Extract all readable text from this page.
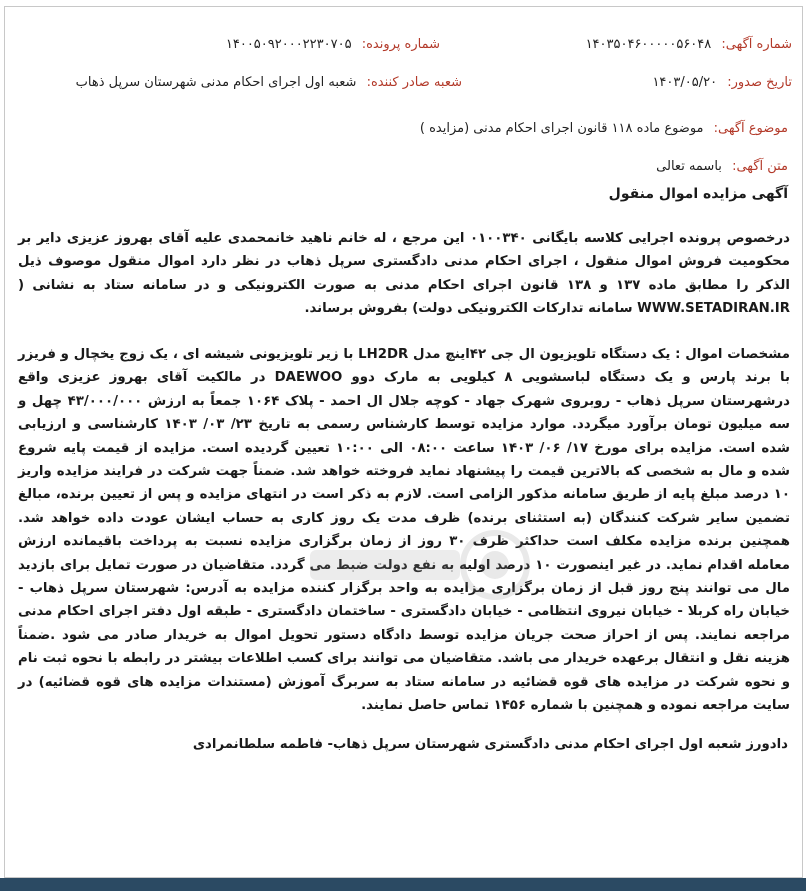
شماره آگهی: ۱۴۰۳۵۰۴۶۰۰۰۰۰۵۶۰۴۸
شماره پرونده: ۱۴۰۰۵۰۹۲۰۰۰۲۲۳۰۷۰۵
تاریخ صدور: ۱۴۰۳/۰۵/۲۰
شعبه صادر کننده: شعبه اول اجرای احکام مدنی شهرستان سرپل ذهاب
موضوع آگهی: موضوع ماده ۱۱۸ قانون اجرای احکام مدنی (مزایده )
متن آگهی: باسمه تعالی
آگهی مزایده اموال منقول
درخصوص پرونده اجرایی کلاسه بایگانی ۰۱۰۰۳۴۰ این مرجع ، له خانم ناهید خانمحمدی علیه آقای بهروز عزیزی دایر بر محکومیت فروش اموال منقول ، اجرای احکام مدنی دادگستری سرپل ذهاب در نظر دارد اموال منقول موصوف ذیل الذکر را مطابق ماده ۱۳۷ و ۱۳۸ قانون اجرای احکام مدنی به صورت الکترونیکی و در سامانه ستاد به نشانی ( WWW.SETADIRAN.IR سامانه تدارکات الکترونیکی دولت) بفروش برساند.
مشخصات اموال : یک دستگاه تلویزیون ال جی ۴۲اینچ مدل LH2DR با زیر تلویزیونی شیشه ای ، یک زوج یخچال و فریزر با برند پارس و یک دستگاه لباسشویی ۸ کیلویی به مارک دوو DAEWOO در مالکیت آقای بهروز عزیزی واقع درشهرستان سرپل ذهاب - روبروی شهرک جهاد - کوچه جلال ال احمد - پلاک ۱۰۶۴ جمعاً به ارزش ۴۳/۰۰۰/۰۰۰ چهل و سه میلیون تومان برآورد میگردد. موارد مزایده توسط کارشناس رسمی به تاریخ ۲۳/ ۰۳/ ۱۴۰۳ کارشناسی و ارزیابی شده است. مزایده برای مورخ ۱۷/ ۰۶/ ۱۴۰۳ ساعت ۰۸:۰۰ الی ۱۰:۰۰ تعیین گردیده است. مزایده از قیمت پایه شروع شده و مال به شخصی که بالاترین قیمت را پیشنهاد نماید فروخته خواهد شد. ضمناً جهت شرکت در فرایند مزایده واریز ۱۰ درصد مبلغ پایه از طریق سامانه مذکور الزامی است. لازم به ذکر است در انتهای مزایده و پس از تعیین برنده، مبالغ تضمین سایر شرکت کنندگان (به استثنای برنده) ظرف مدت یک روز کاری به حساب ایشان عودت داده خواهد شد. همچنین برنده مزایده مکلف است حداکثر ظرف ۳۰ روز از زمان برگزاری مزایده نسبت به پرداخت باقیمانده ارزش معامله اقدام نماید. در غیر اینصورت ۱۰ درصد اولیه به نفع دولت ضبط می گردد. متقاضیان در صورت تمایل برای بازدید مال می توانند پنج روز قبل از زمان برگزاری مزایده به واحد برگزار کننده مزایده به آدرس: شهرستان سرپل ذهاب - خیابان راه کربلا - خیابان نیروی انتظامی - خیابان دادگستری - ساختمان دادگستری - طبقه اول دفتر اجرای احکام مدنی مراجعه نمایند. پس از احراز صحت جریان مزایده توسط دادگاه دستور تحویل اموال به خریدار صادر می شود .ضمناً هزینه نقل و انتقال برعهده خریدار می باشد. متقاضیان می توانند برای کسب اطلاعات بیشتر در رابطه با نحوه ثبت نام و نحوه شرکت در مزایده های قوه قضائیه در سامانه ستاد به سربرگ آموزش (مستندات مزایده های قوه قضائیه) در سایت مراجعه نموده و همچنین با شماره ۱۴۵۶ تماس حاصل نمایند.
دادورز شعبه اول اجرای احکام مدنی دادگستری شهرستان سرپل ذهاب- فاطمه سلطانمرادی
